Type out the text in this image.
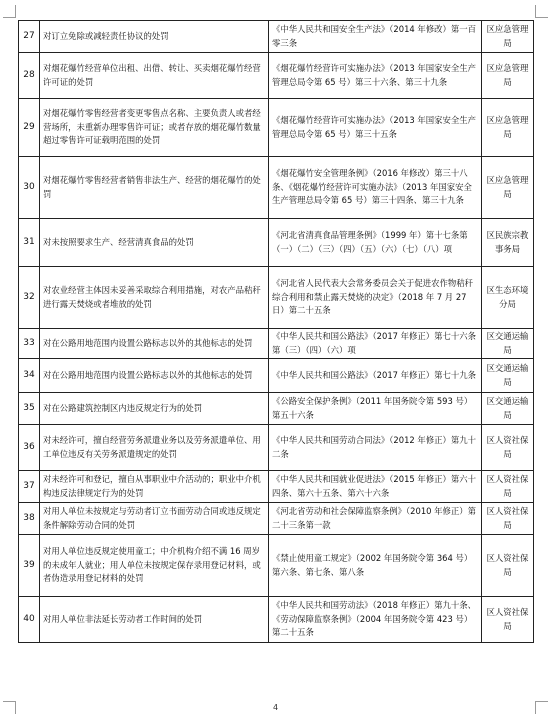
27	对订立免除或减轻责任协议的处罚	《中华人民共和国安全生产法》（2014 年修改）第一百零三条	区应急管理局
28	对烟花爆竹经营单位出租、出借、转让、买卖烟花爆竹经营许可证的处罚	《烟花爆竹经营许可实施办法》（2013 年国家安全生产管理总局令第 65 号）第三十六条、第三十九条	区应急管理局
29	对烟花爆竹零售经营者变更零售点名称、主要负责人或者经营场所，未重新办理零售许可证；或者存放的烟花爆竹数量超过零售许可证载明范围的处罚	《烟花爆竹经营许可实施办法》（2013 年国家安全生产管理总局令第 65 号）第三十五条	区应急管理局
30	对烟花爆竹零售经营者销售非法生产、经营的烟花爆竹的处罚	《烟花爆竹安全管理条例》（2016 年修改）第三十八条、《烟花爆竹经营许可实施办法》（2013 年国家安全生产管理总局令第 65 号）第三十四条、第三十九条	区应急管理局
31	对未按照要求生产、经营清真食品的处罚	《河北省清真食品管理条例》（1999 年）第十七条第（一）（二）（三）（四）（五）（六）（七）（八）项	区民族宗教事务局
32	对农业经营主体因未妥善采取综合利用措施，对农产品秸秆进行露天焚烧或者堆放的处罚	《河北省人民代表大会常务委员会关于促进农作物秸秆综合利用和禁止露天焚烧的决定》（2018 年 7 月 27 日）第二十五条	区生态环境分局
33	对在公路用地范围内设置公路标志以外的其他标志的处罚	《中华人民共和国公路法》（2017 年修正）第七十六条第（三）（四）（六）项	区交通运输局
34	对在公路用地范围内设置公路标志以外的其他标志的处罚	《中华人民共和国公路法》（2017 年修正）第七十九条	区交通运输局
35	对在公路建筑控制区内违反规定行为的处罚	《公路安全保护条例》（2011 年国务院令第 593 号）第五十六条	区交通运输局
36	对未经许可，擅自经营劳务派遣业务以及劳务派遣单位、用工单位违反有关劳务派遣规定的处罚	《中华人民共和国劳动合同法》（2012 年修正）第九十二条	区人资社保局
37	对未经许可和登记，擅自从事职业中介活动的；职业中介机构违反法律规定行为的处罚	《中华人民共和国就业促进法》（2015 年修正）第六十四条、第六十五条、第六十六条	区人资社保局
38	对用人单位未按规定与劳动者订立书面劳动合同或违反规定条件解除劳动合同的处罚	《河北省劳动和社会保障监察条例》（2010 年修正）第二十三条第一款	区人资社保局
39	对用人单位违反规定使用童工；中介机构介绍不满 16 周岁的未成年人就业；用人单位未按规定保存录用登记材料，或者伪造录用登记材料的处罚	《禁止使用童工规定》（2002 年国务院令第 364 号）第六条、第七条、第八条	区人资社保局
40	对用人单位非法延长劳动者工作时间的处罚	《中华人民共和国劳动法》（2018 年修正）第九十条、《劳动保障监察条例》（2004 年国务院令第 423 号）第二十五条	区人资社保局
4
